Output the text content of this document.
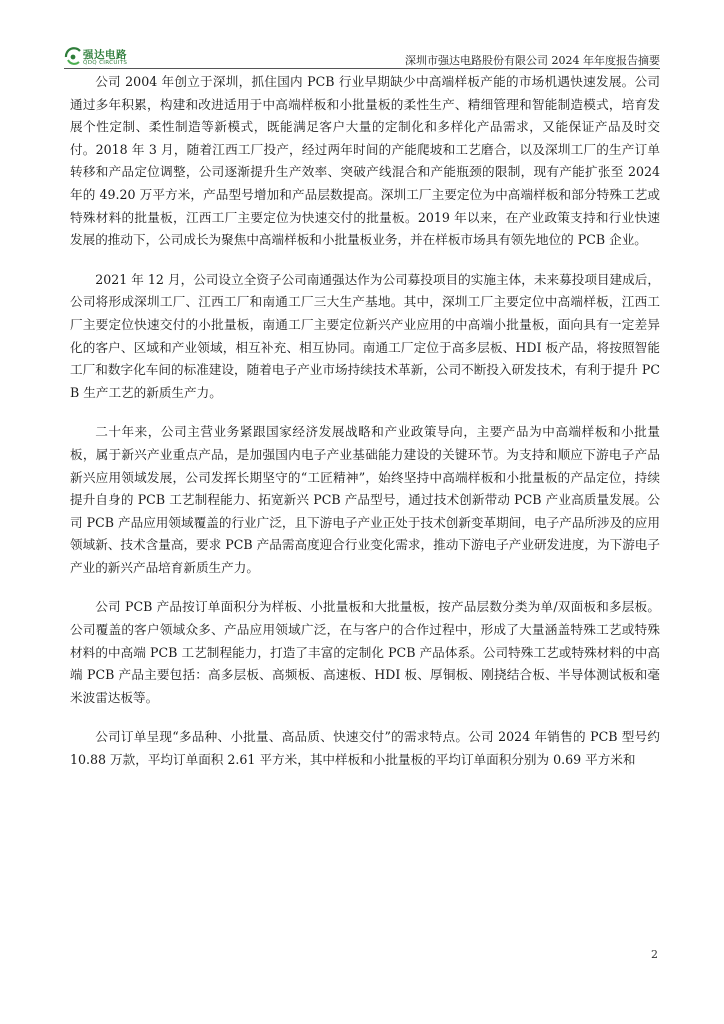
强达电路
QDQ CIRCUITS	深圳市强达电路股份有限公司 2024 年年度报告摘要

公司 2004 年创立于深圳，抓住国内 PCB 行业早期缺少中高端样板产能的市场机遇快速发展。公司通过多年积累，构建和改进适用于中高端样板和小批量板的柔性生产、精细管理和智能制造模式，培育发展个性定制、柔性制造等新模式，既能满足客户大量的定制化和多样化产品需求，又能保证产品及时交付。2018 年 3 月，随着江西工厂投产，经过两年时间的产能爬坡和工艺磨合，以及深圳工厂的生产订单转移和产品定位调整，公司逐渐提升生产效率、突破产线混合和产能瓶颈的限制，现有产能扩张至 2024 年的 49.20 万平方米，产品型号增加和产品层数提高。深圳工厂主要定位为中高端样板和部分特殊工艺或特殊材料的批量板，江西工厂主要定位为快速交付的批量板。2019 年以来，在产业政策支持和行业快速发展的推动下，公司成长为聚焦中高端样板和小批量板业务，并在样板市场具有领先地位的 PCB 企业。

2021 年 12 月，公司设立全资子公司南通强达作为公司募投项目的实施主体，未来募投项目建成后，公司将形成深圳工厂、江西工厂和南通工厂三大生产基地。其中，深圳工厂主要定位中高端样板，江西工厂主要定位快速交付的小批量板，南通工厂主要定位新兴产业应用的中高端小批量板，面向具有一定差异化的客户、区域和产业领域，相互补充、相互协同。南通工厂定位于高多层板、HDI 板产品，将按照智能工厂和数字化车间的标准建设，随着电子产业市场持续技术革新，公司不断投入研发技术，有利于提升 PCB 生产工艺的新质生产力。

二十年来，公司主营业务紧跟国家经济发展战略和产业政策导向，主要产品为中高端样板和小批量板，属于新兴产业重点产品，是加强国内电子产业基础能力建设的关键环节。为支持和顺应下游电子产品新兴应用领域发展，公司发挥长期坚守的“工匠精神”，始终坚持中高端样板和小批量板的产品定位，持续提升自身的 PCB 工艺制程能力、拓宽新兴 PCB 产品型号，通过技术创新带动 PCB 产业高质量发展。公司 PCB 产品应用领域覆盖的行业广泛，且下游电子产业正处于技术创新变革期间，电子产品所涉及的应用领域新、技术含量高，要求 PCB 产品需高度迎合行业变化需求，推动下游电子产业研发进度，为下游电子产业的新兴产品培育新质生产力。

公司 PCB 产品按订单面积分为样板、小批量板和大批量板，按产品层数分类为单/双面板和多层板。公司覆盖的客户领域众多、产品应用领域广泛，在与客户的合作过程中，形成了大量涵盖特殊工艺或特殊材料的中高端 PCB 工艺制程能力，打造了丰富的定制化 PCB 产品体系。公司特殊工艺或特殊材料的中高端 PCB 产品主要包括：高多层板、高频板、高速板、HDI 板、厚铜板、刚挠结合板、半导体测试板和毫米波雷达板等。

公司订单呈现“多品种、小批量、高品质、快速交付”的需求特点。公司 2024 年销售的 PCB 型号约 10.88 万款，平均订单面积 2.61 平方米，其中样板和小批量板的平均订单面积分别为 0.69 平方米和

2
